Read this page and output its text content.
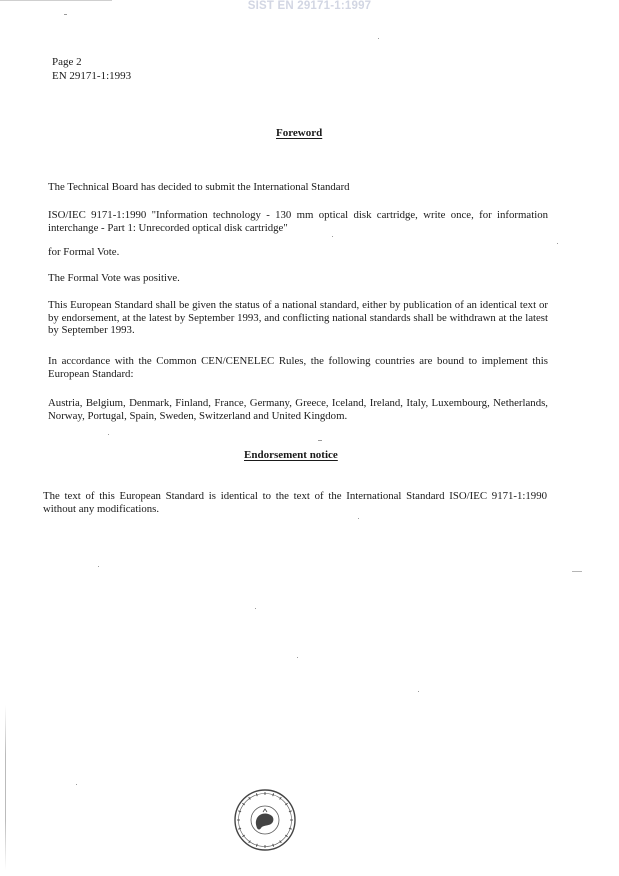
SIST EN 29171-1:1997
Page 2
EN 29171-1:1993
Foreword
The Technical Board has decided to submit the International Standard
ISO/IEC 9171-1:1990 "Information technology - 130 mm optical disk cartridge, write once, for information interchange - Part 1: Unrecorded optical disk cartridge"
for Formal Vote.
The Formal Vote was positive.
This European Standard shall be given the status of a national standard, either by publication of an identical text or by endorsement, at the latest by September 1993, and conflicting national standards shall be withdrawn at the latest by September 1993.
In accordance with the Common CEN/CENELEC Rules, the following countries are bound to implement this European Standard:
Austria, Belgium, Denmark, Finland, France, Germany, Greece, Iceland, Ireland, Italy, Luxembourg, Netherlands, Norway, Portugal, Spain, Sweden, Switzerland and United Kingdom.
Endorsement notice
The text of this European Standard is identical to the text of the International Standard ISO/IEC 9171-1:1990 without any modifications.
